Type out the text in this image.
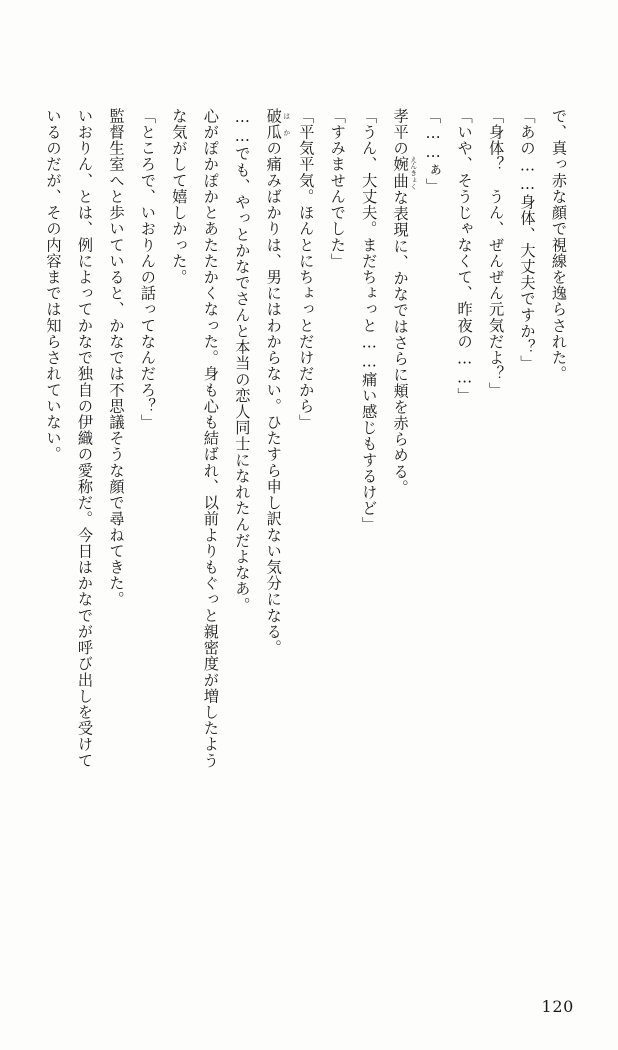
で、真っ赤な顔で視線を逸らされた。

「あの……身体、大丈夫ですか？」

「身体？　うん、ぜんぜん元気だよ？」

「いや、そうじゃなくて、昨夜の……」

「……ぁ」

孝平の婉曲 えんきょくな表現に、かなではさらに頬を赤らめる。

「うん、大丈夫。まだちょっと……痛い感じもするけど」

「すみませんでした」

「平気平気。ほんとにちょっとだけだから」

破瓜 はかの痛みばかりは、男にはわからない。ひたすら申し訳ない気分になる。

……でも、やっとかなでさんと本当の恋人同士になれたんだよなあ。

心がぽかぽかとあたたかくなった。身も心も結ばれ、以前よりもぐっと親密度が増したよう

な気がして嬉しかった。

「ところで、いおりんの話ってなんだろ？」

監督生室へと歩いていると、かなでは不思議そうな顔で尋ねてきた。

いおりん、とは、例によってかなで独自の伊織の愛称だ。今日はかなでが呼び出しを受けて

いるのだが、その内容までは知らされていない。

120
